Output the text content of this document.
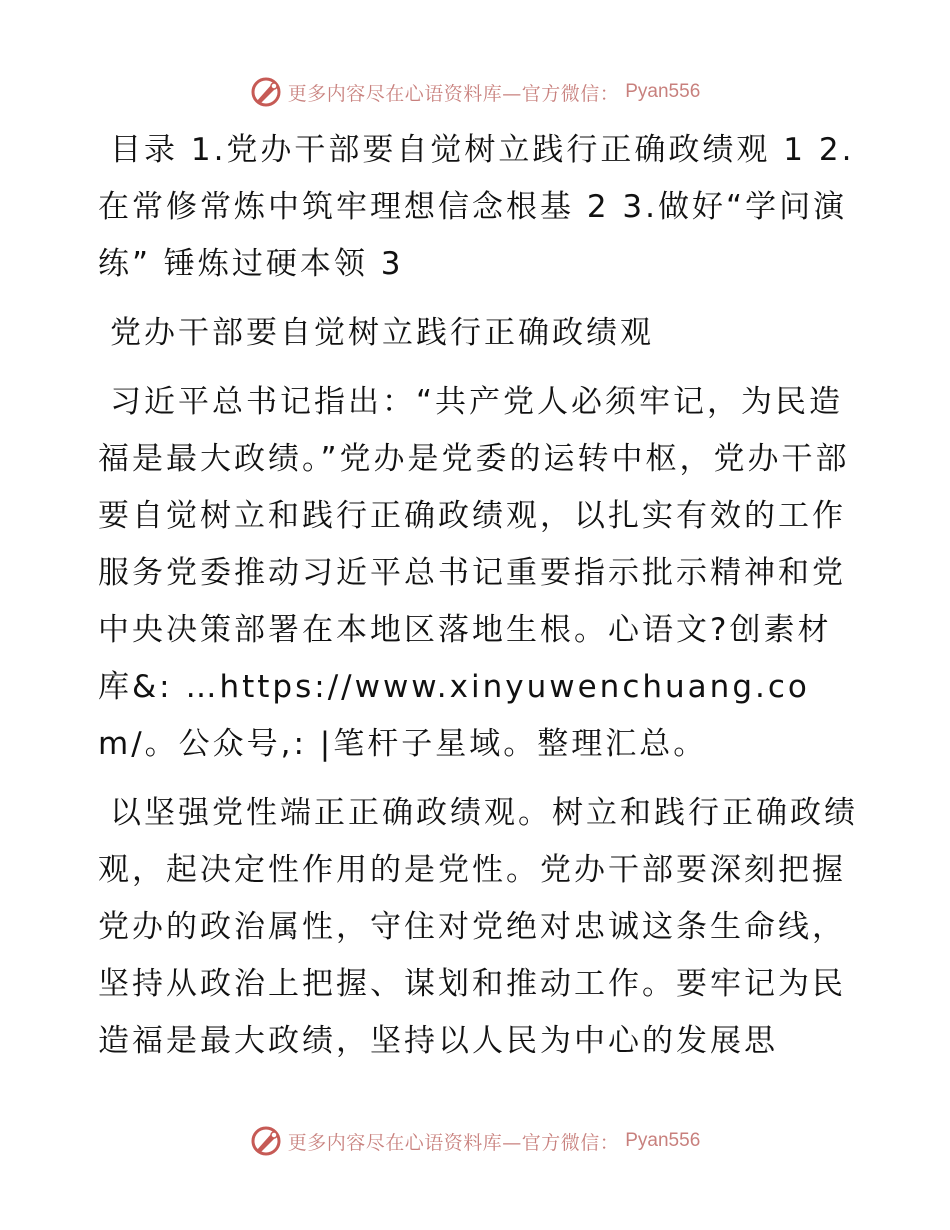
更多内容尽在心语资料库—官方微信： Pyan556

目录 1.党办干部要自觉树立践行正确政绩观 1 2.在常修常炼中筑牢理想信念根基 2 3.做好“学问演练” 锤炼过硬本领 3

党办干部要自觉树立践行正确政绩观

习近平总书记指出：“共产党人必须牢记，为民造福是最大政绩。”党办是党委的运转中枢，党办干部要自觉树立和践行正确政绩观，以扎实有效的工作服务党委推动习近平总书记重要指示批示精神和党中央决策部署在本地区落地生根。心语文?创素材库&: …https://www.xinyuwenchuang.com/。公众号,: |笔杆子星域。整理汇总。

以坚强党性端正正确政绩观。树立和践行正确政绩观，起决定性作用的是党性。党办干部要深刻把握党办的政治属性，守住对党绝对忠诚这条生命线，坚持从政治上把握、谋划和推动工作。要牢记为民造福是最大政绩，坚持以人民为中心的发展思

更多内容尽在心语资料库—官方微信： Pyan556
